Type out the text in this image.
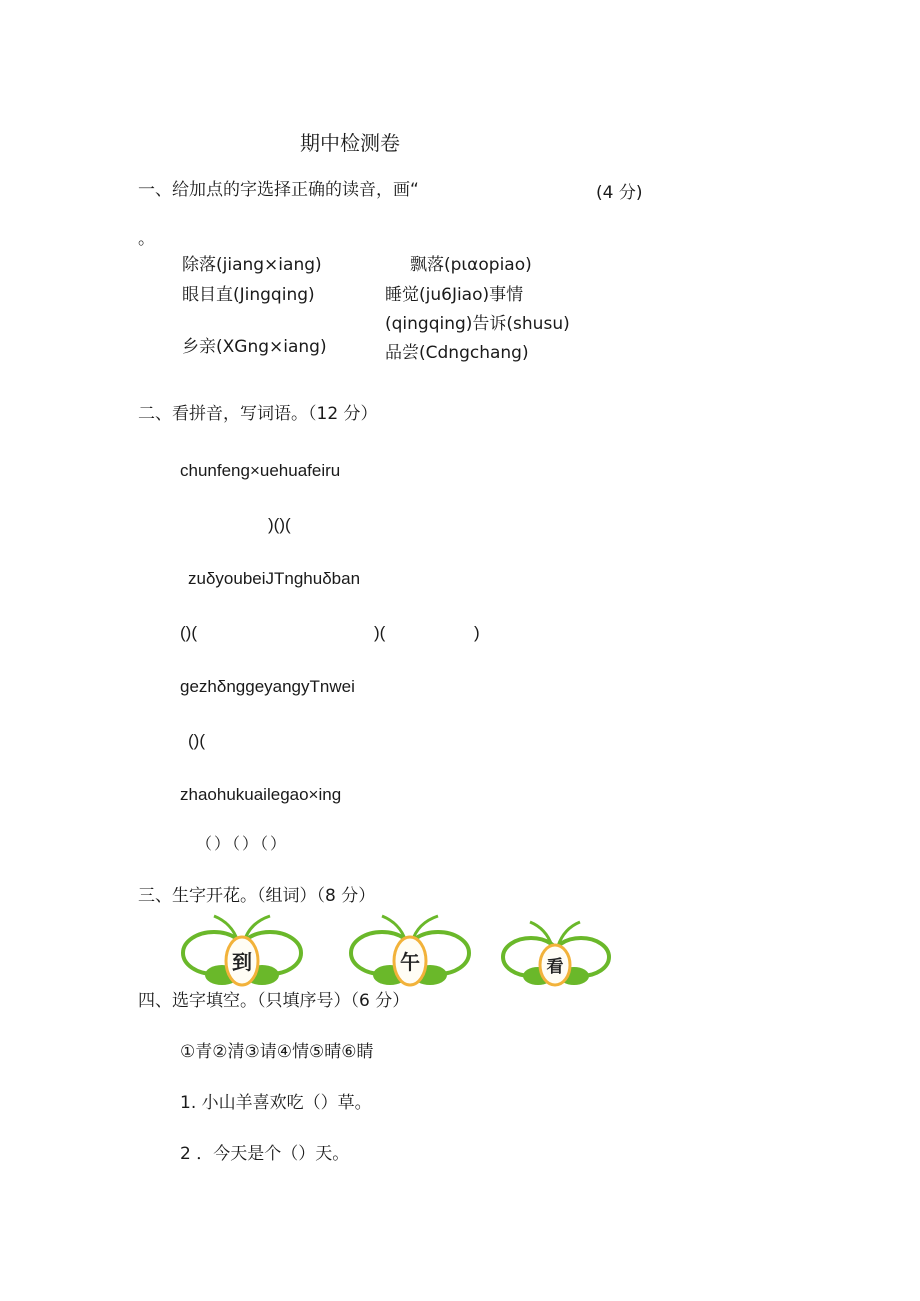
期中检测卷
一、给加点的字选择正确的读音，画“	(4 分)
。
除落(jiang×iang)	飘落(pιαopiao)
眼目直(Jingqing)	睡觉(ju6Jiao)事情
(qingqing)告诉(shusu)
乡亲(XGng×iang)	品尝(Cdngchang)
二、看拼音，写词语。（12 分）
chunfeng×uehuafeiru
)()(
zuδyoubeiJTnghuδban
()(	)(	)
gezhδnggeyangyTnwei
()(
zhaohukuailegao×ing
（）（）（）
三、生字开花。（组词）（8 分）
到	午	看
四、选字填空。（只填序号）（6 分）
①青②清③请④情⑤晴⑥睛
1. 小山羊喜欢吃（）草。
2 ．今天是个（）天。
